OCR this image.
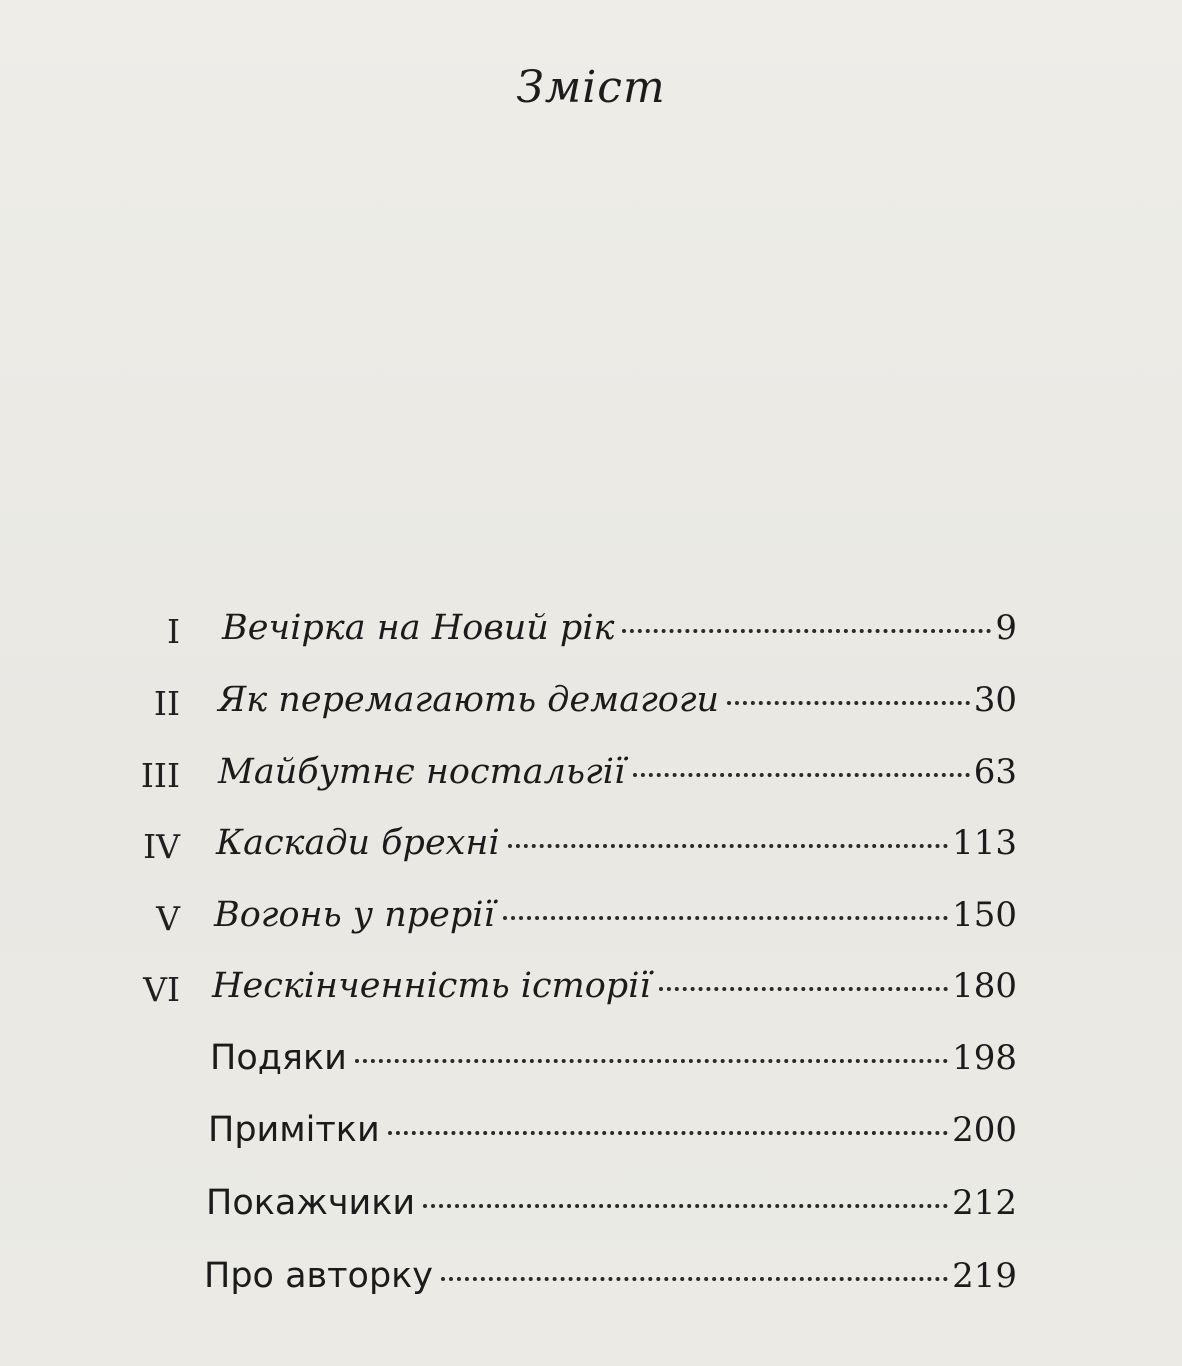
Зміст
I Вечірка на Новий рік	9
II Як перемагають демагоги	30
III Майбутнє ностальгії	63
IV Каскади брехні	113
V Вогонь у прерії	150
VI Нескінченність історії	180
Подяки	198
Примітки	200
Покажчики	212
Про авторку	219
